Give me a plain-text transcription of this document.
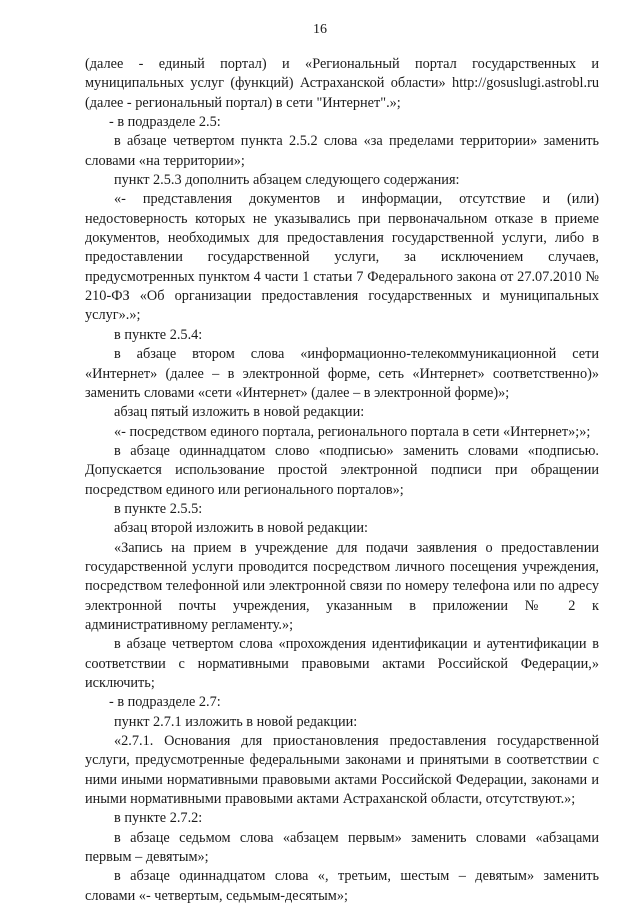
16

(далее - единый портал) и «Региональный портал государственных и муниципальных услуг (функций) Астраханской области» http://gosuslugi.astrobl.ru (далее - региональный портал) в сети "Интернет".»;

- в подразделе 2.5:

в абзаце четвертом пункта 2.5.2 слова «за пределами территории» заменить словами «на территории»;

пункт 2.5.3 дополнить абзацем следующего содержания:

«- представления документов и информации, отсутствие и (или) недостоверность которых не указывались при первоначальном отказе в приеме документов, необходимых для предоставления государственной услуги, либо в предоставлении государственной услуги, за исключением случаев, предусмотренных пунктом 4 части 1 статьи 7 Федерального закона от 27.07.2010 № 210-ФЗ «Об организации предоставления государственных и муниципальных услуг».»;

в пункте 2.5.4:

в абзаце втором слова «информационно-телекоммуникационной сети «Интернет» (далее – в электронной форме, сеть «Интернет» соответственно)» заменить словами «сети «Интернет» (далее – в электронной форме)»;

абзац пятый изложить в новой редакции:

«- посредством единого портала, регионального портала в сети «Интернет»;»;

в абзаце одиннадцатом слово «подписью» заменить словами «подписью. Допускается использование простой электронной подписи при обращении посредством единого или регионального порталов»;

в пункте 2.5.5:

абзац второй изложить в новой редакции:

«Запись на прием в учреждение для подачи заявления о предоставлении государственной услуги проводится посредством личного посещения учреждения, посредством телефонной или электронной связи по номеру телефона или по адресу электронной почты учреждения, указанным в приложении № 2 к административному регламенту.»;

в абзаце четвертом слова «прохождения идентификации и аутентификации в соответствии с нормативными правовыми актами Российской Федерации,» исключить;

- в подразделе 2.7:

пункт 2.7.1 изложить в новой редакции:

«2.7.1. Основания для приостановления предоставления государственной услуги, предусмотренные федеральными законами и принятыми в соответствии с ними иными нормативными правовыми актами Российской Федерации, законами и иными нормативными правовыми актами Астраханской области, отсутствуют.»;

в пункте 2.7.2:

в абзаце седьмом слова «абзацем первым» заменить словами «абзацами первым – девятым»;

в абзаце одиннадцатом слова «, третьим, шестым – девятым» заменить словами «- четвертым, седьмым-десятым»;
